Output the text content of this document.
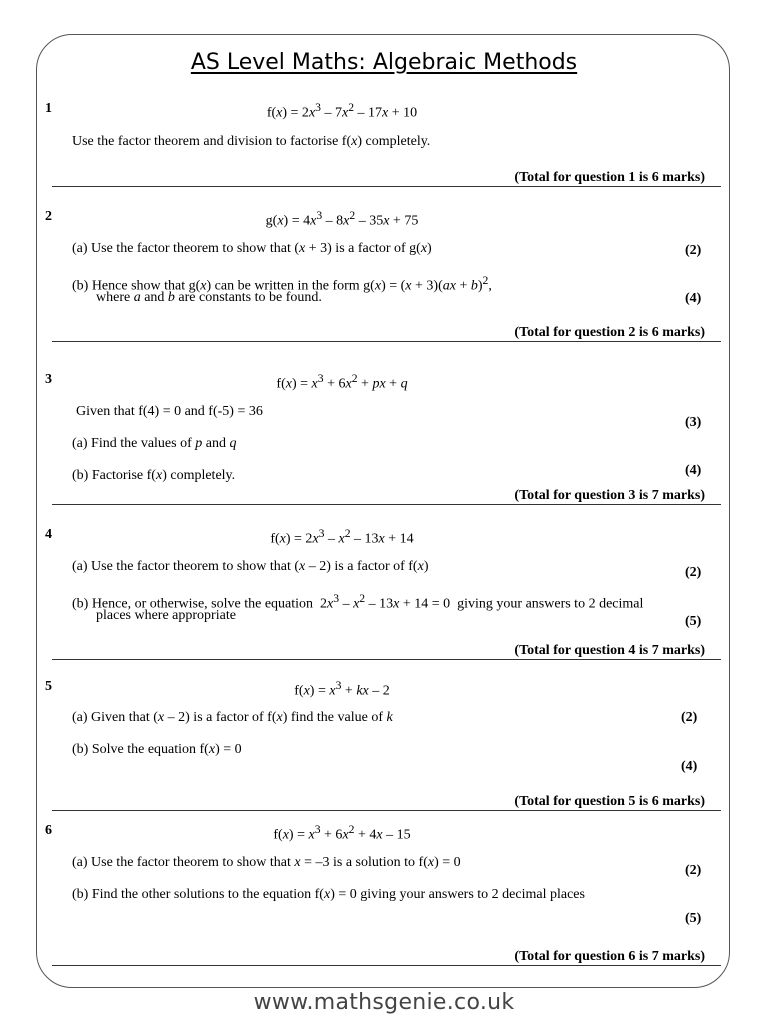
AS Level Maths: Algebraic Methods
1	$f(x) = 2x^3 - 7x^2 - 17x + 10$
Use the factor theorem and division to factorise f(x) completely.
(Total for question 1 is 6 marks)
2	$g(x) = 4x^3 - 8x^2 - 35x + 75$
(a) Use the factor theorem to show that (x + 3) is a factor of g(x)	(2)
(b) Hence show that g(x) can be written in the form g(x) = (x + 3)(ax + b)$^2$,
where a and b are constants to be found.	(4)
(Total for question 2 is 6 marks)
3	$f(x) = x^3 + 6x^2$ + px + q
Given that f(4) = 0 and f(-5) = 36
(3)
(a) Find the values of p and q
(4)
(b) Factorise f(x) completely.
(Total for question 3 is 7 marks)
4	$f(x) = 2x^3 - x^2 - 13x + 14$
(a) Use the factor theorem to show that (x – 2) is a factor of f(x)	(2)
(b) Hence, or otherwise, solve the equation  $2x^3 - x^2 - 13x + 14 = 0$  giving your answers to 2 decimal
places where appropriate	(5)
(Total for question 4 is 7 marks)
5	$f(x) = x^3$ + kx – 2
(a) Given that (x – 2) is a factor of f(x) find the value of k	(2)
(b) Solve the equation f(x) = 0
(4)
(Total for question 5 is 6 marks)
6	$f(x) = x^3 + 6x^2 + 4x - 15$
(a) Use the factor theorem to show that x = –3 is a solution to f(x) = 0
(2)
(b) Find the other solutions to the equation f(x) = 0 giving your answers to 2 decimal places
(5)
(Total for question 6 is 7 marks)
www.mathsgenie.co.uk
